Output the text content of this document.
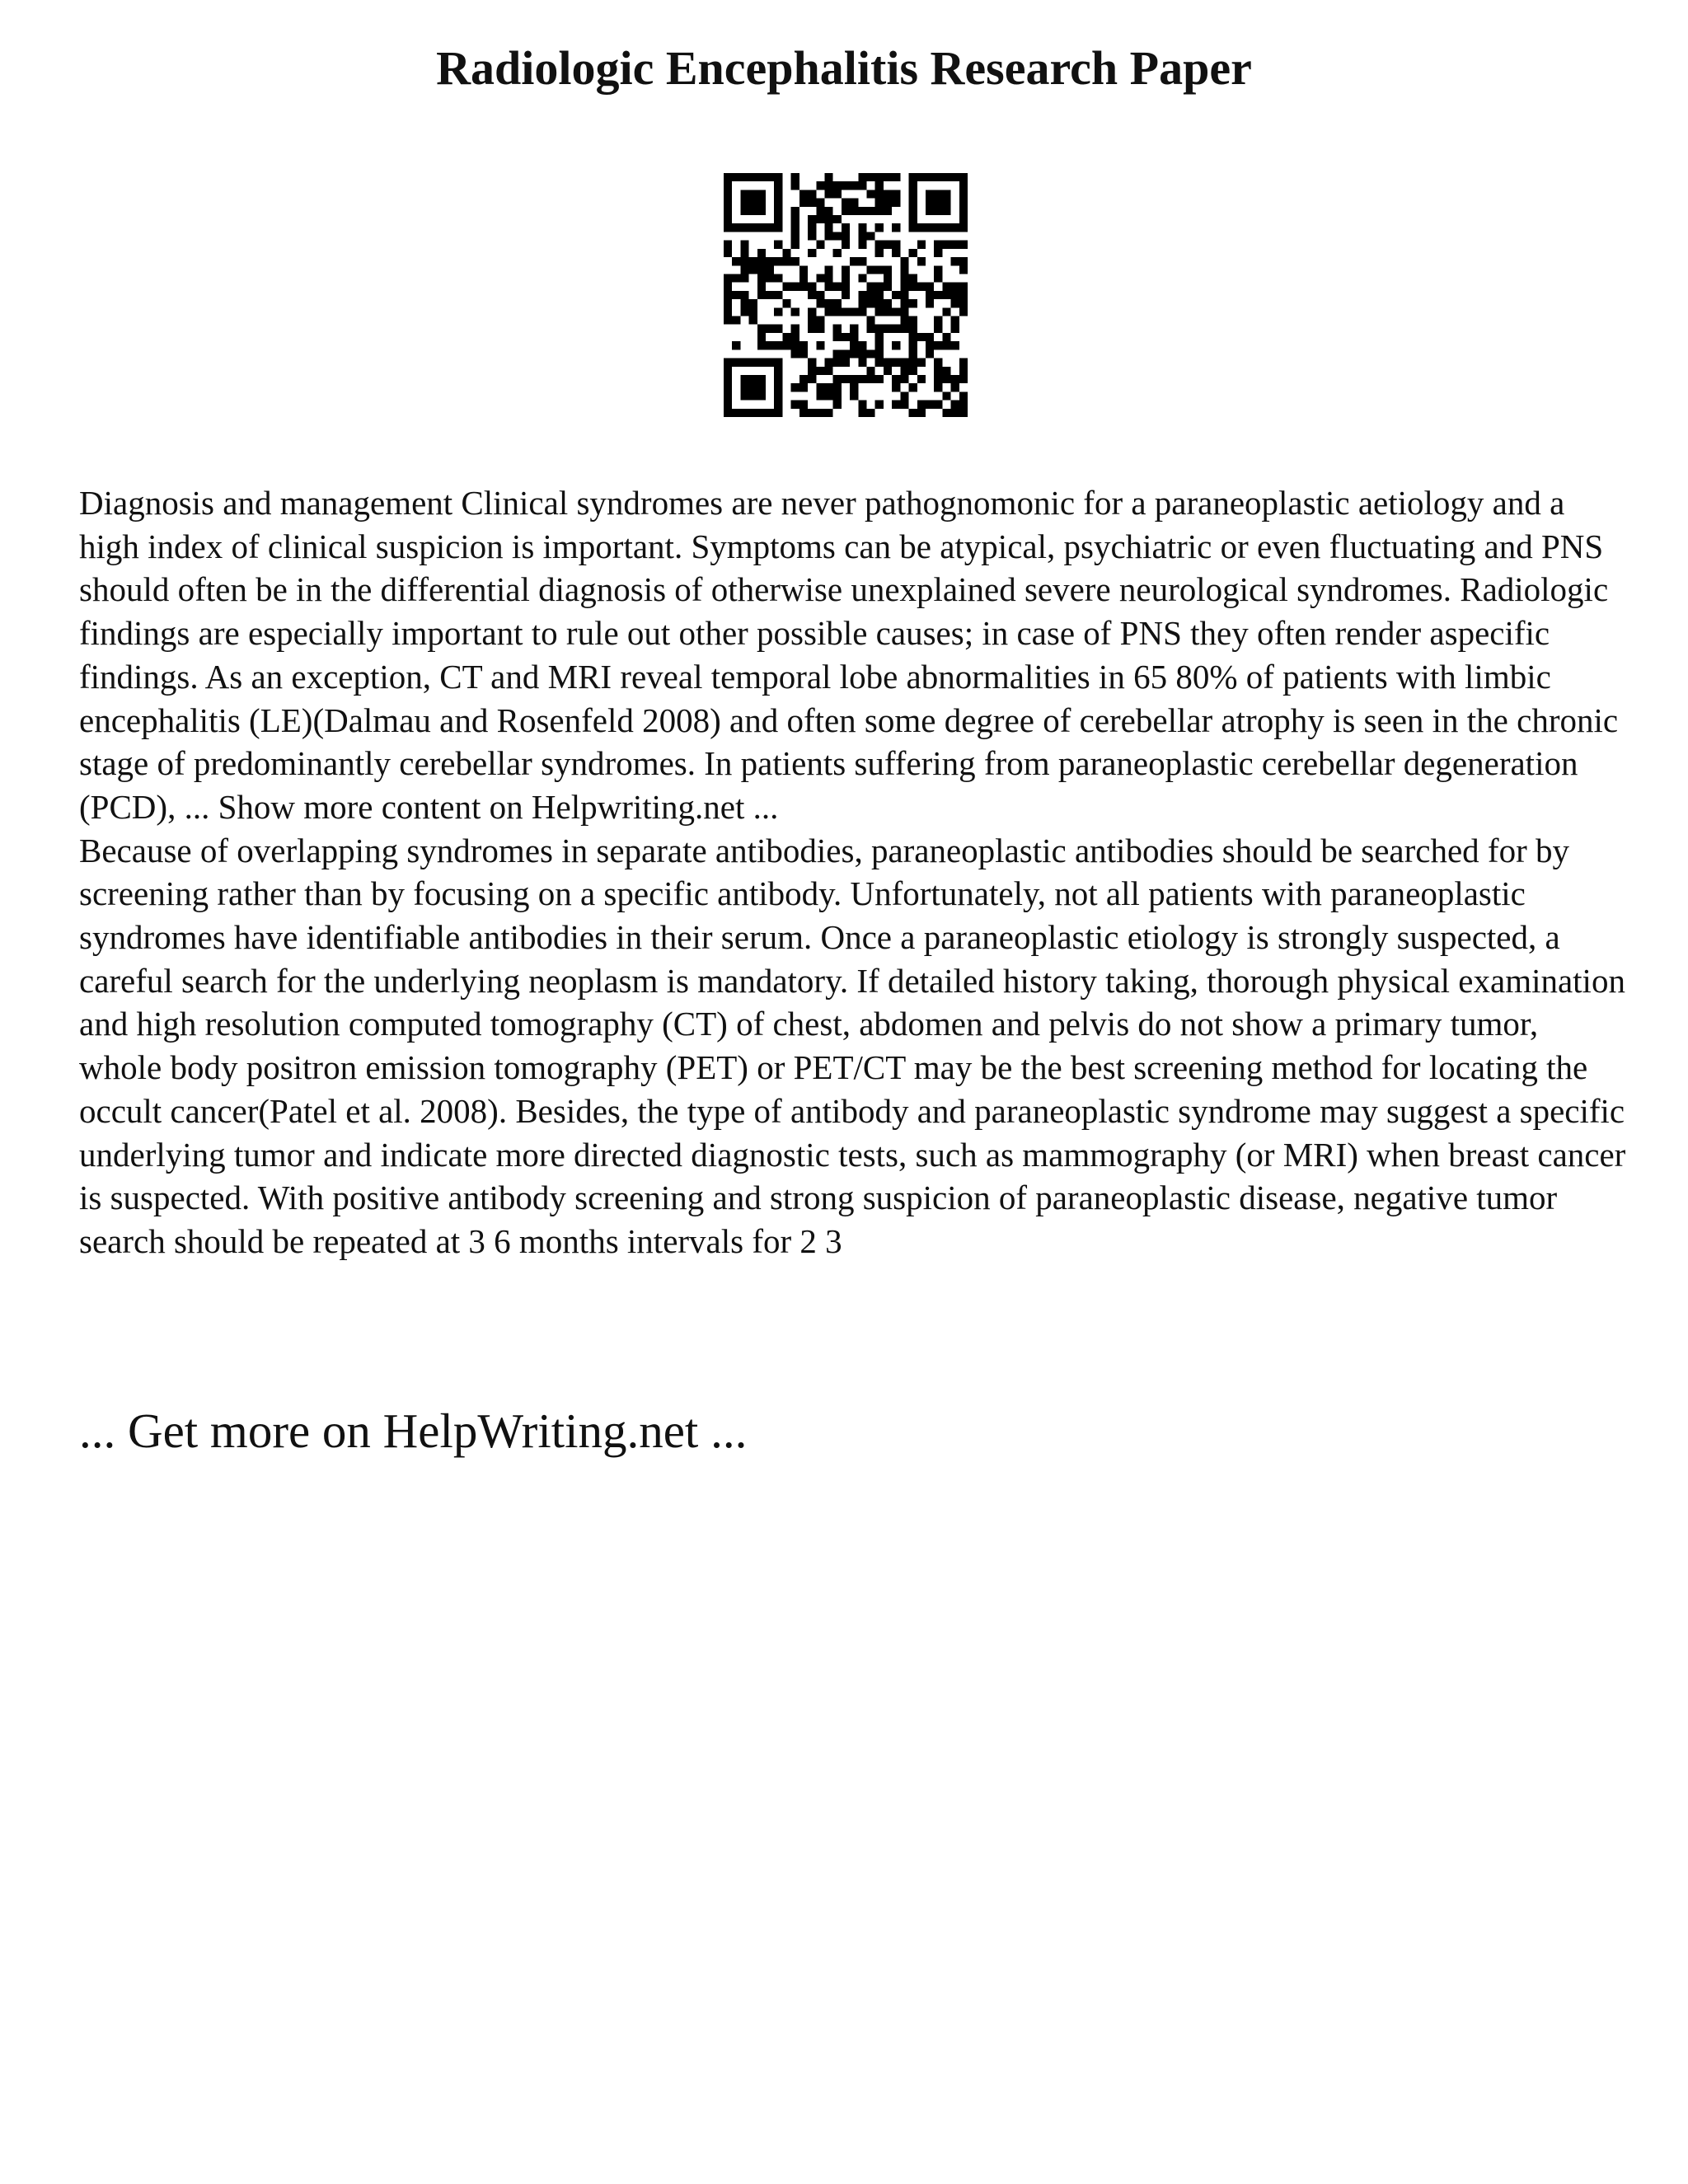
Radiologic Encephalitis Research Paper

Diagnosis and management Clinical syndromes are never pathognomonic for a paraneoplastic aetiology and a high index of clinical suspicion is important. Symptoms can be atypical, psychiatric or even fluctuating and PNS should often be in the differential diagnosis of otherwise unexplained severe neurological syndromes. Radiologic findings are especially important to rule out other possible causes; in case of PNS they often render aspecific findings. As an exception, CT and MRI reveal temporal lobe abnormalities in 65 80% of patients with limbic encephalitis (LE)(Dalmau and Rosenfeld 2008) and often some degree of cerebellar atrophy is seen in the chronic stage of predominantly cerebellar syndromes. In patients suffering from paraneoplastic cerebellar degeneration (PCD), ... Show more content on Helpwriting.net ...

Because of overlapping syndromes in separate antibodies, paraneoplastic antibodies should be searched for by screening rather than by focusing on a specific antibody. Unfortunately, not all patients with paraneoplastic syndromes have identifiable antibodies in their serum. Once a paraneoplastic etiology is strongly suspected, a careful search for the underlying neoplasm is mandatory. If detailed history taking, thorough physical examination and high resolution computed tomography (CT) of chest, abdomen and pelvis do not show a primary tumor, whole body positron emission tomography (PET) or PET/CT may be the best screening method for locating the occult cancer(Patel et al. 2008). Besides, the type of antibody and paraneoplastic syndrome may suggest a specific underlying tumor and indicate more directed diagnostic tests, such as mammography (or MRI) when breast cancer is suspected. With positive antibody screening and strong suspicion of paraneoplastic disease, negative tumor search should be repeated at 3 6 months intervals for 2 3

... Get more on HelpWriting.net ...
